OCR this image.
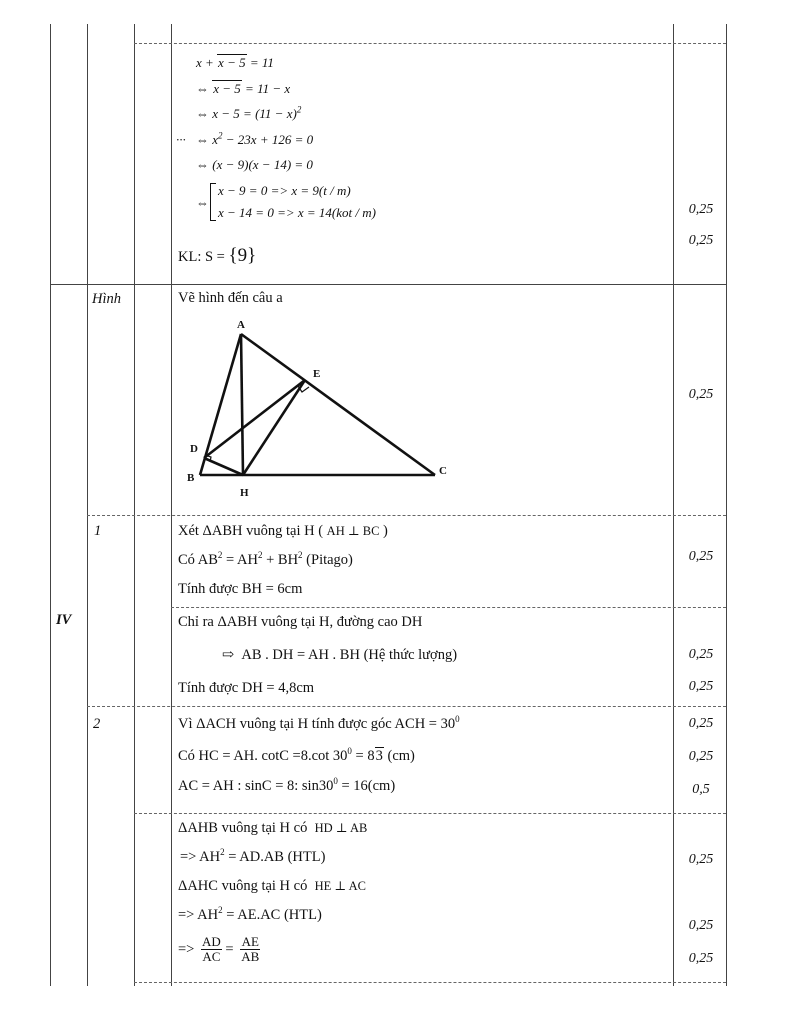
x + x − 5 = 11
⇔ x − 5 = 11 − x
⇔ $x - 5 = (11 - x)^2$
··· ⇔ $x^2 - 23x + 126 = 0$
⇔ (x − 9)(x − 14) = 0
⇔
x − 9 = 0 => x = 9(t / m)
x − 14 = 0 => x = 14(kot / m)
KL: S = {9}
0,25
0,25
IV
Hình
1
2
Vẽ hình đến câu a
A
E
D
B
H
C
0,25
Xét ΔABH vuông tại H ( AH ⊥ BC )
Có $AB^2 = AH^2 + BH^2$ (Pitago)
Tính được BH = 6cm
0,25
Chỉ ra ΔABH vuông tại H, đường cao DH
⇨ AB . DH = AH . BH (Hệ thức lượng)
Tính được DH = 4,8cm
0,25
0,25
Vì ΔACH vuông tại H tính được góc ACH = $30^0$
Có HC = AH. cotC =8.cot $30^0 = 83$ (cm)
AC = AH : sinC = 8: $\sin 30^0 = 16(cm)$
0,25
0,25
0,5
ΔAHB vuông tại H có HD ⊥ AB
=> $AH^2 = AD.AB$ (HTL)
ΔAHC vuông tại H có HE ⊥ AC
=> $AH^2 = AE.AC$ (HTL)
=> $\frac{AD}{AC} = \frac{AE}{AB}$
0,25
0,25
0,25
